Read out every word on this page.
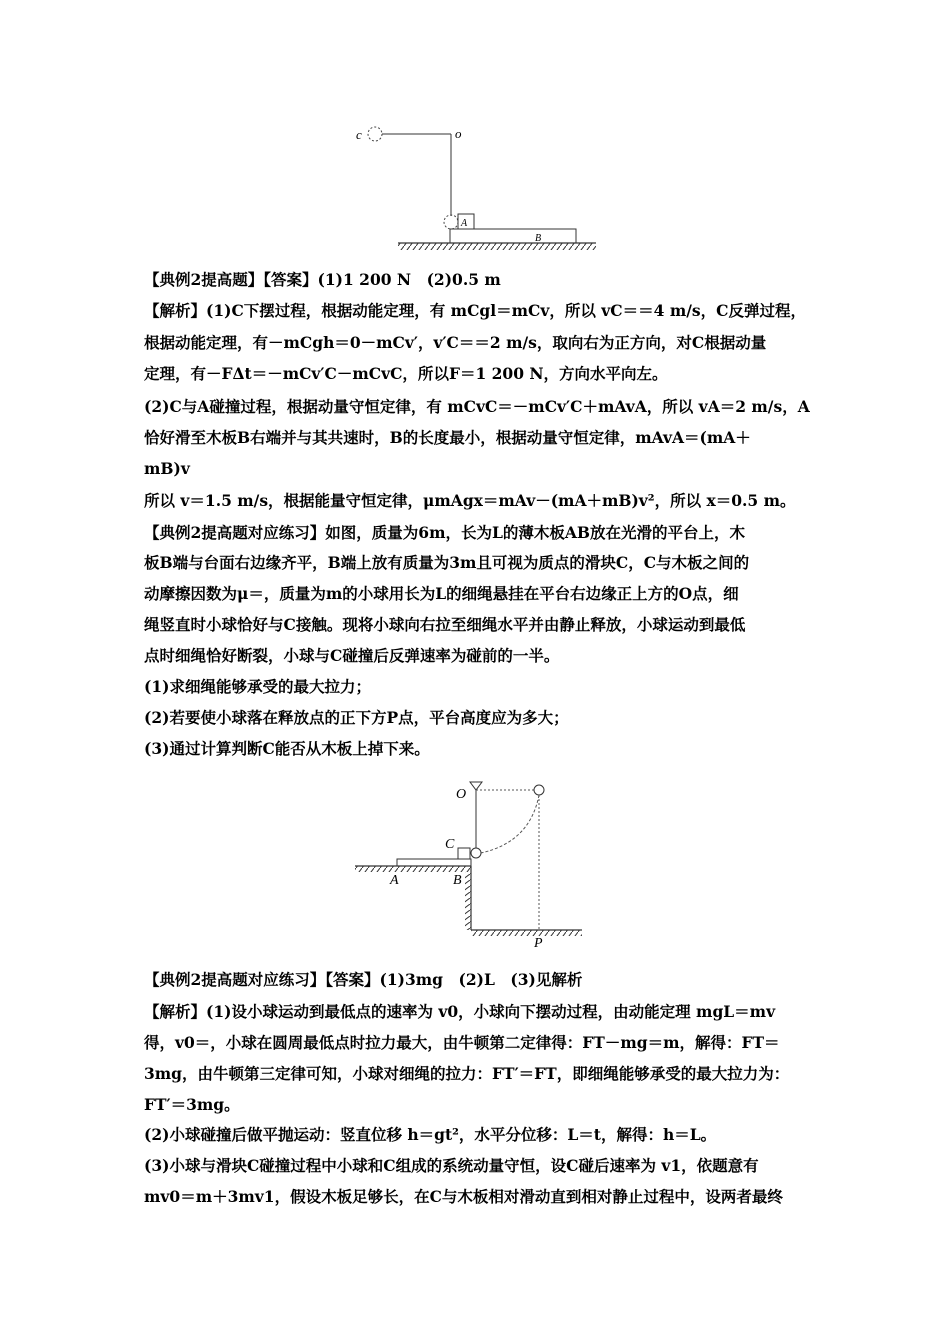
c	o
A
B
【典例2提高题】【答案】(1)1 200 N　(2)0.5 m
【解析】(1)C下摆过程，根据动能定理，有 mCgl＝mCv，所以 vC＝＝4 m/s，C反弹过程，
根据动能定理，有－mCgh＝0－mCv′，v′C＝＝2 m/s，取向右为正方向，对C根据动量
定理，有－FΔt＝－mCv′C－mCvC，所以F＝1 200 N，方向水平向左。
(2)C与A碰撞过程，根据动量守恒定律，有 mCvC＝－mCv′C＋mAvA，所以 vA＝2 m/s，A
恰好滑至木板B右端并与其共速时，B的长度最小，根据动量守恒定律，mAvA＝(mA＋
mB)v
所以 v＝1.5 m/s，根据能量守恒定律，μmAgx＝mAv－(mA＋mB)v²，所以 x＝0.5 m。
【典例2提高题对应练习】如图，质量为6m，长为L的薄木板AB放在光滑的平台上，木
板B端与台面右边缘齐平，B端上放有质量为3m且可视为质点的滑块C，C与木板之间的
动摩擦因数为μ＝，质量为m的小球用长为L的细绳悬挂在平台右边缘正上方的O点，细
绳竖直时小球恰好与C接触。现将小球向右拉至细绳水平并由静止释放，小球运动到最低
点时细绳恰好断裂，小球与C碰撞后反弹速率为碰前的一半。
(1)求细绳能够承受的最大拉力；
(2)若要使小球落在释放点的正下方P点，平台高度应为多大；
(3)通过计算判断C能否从木板上掉下来。
O
C
A	B
P
【典例2提高题对应练习】【答案】(1)3mg　(2)L　(3)见解析
【解析】(1)设小球运动到最低点的速率为 v0，小球向下摆动过程，由动能定理 mgL＝mv
得，v0＝，小球在圆周最低点时拉力最大，由牛顿第二定律得：FT－mg＝m，解得：FT＝
3mg，由牛顿第三定律可知，小球对细绳的拉力：FT′＝FT，即细绳能够承受的最大拉力为：
FT′＝3mg。
(2)小球碰撞后做平抛运动：竖直位移 h＝gt²，水平分位移：L＝t，解得：h＝L。
(3)小球与滑块C碰撞过程中小球和C组成的系统动量守恒，设C碰后速率为 v1，依题意有
mv0＝m＋3mv1，假设木板足够长，在C与木板相对滑动直到相对静止过程中，设两者最终
